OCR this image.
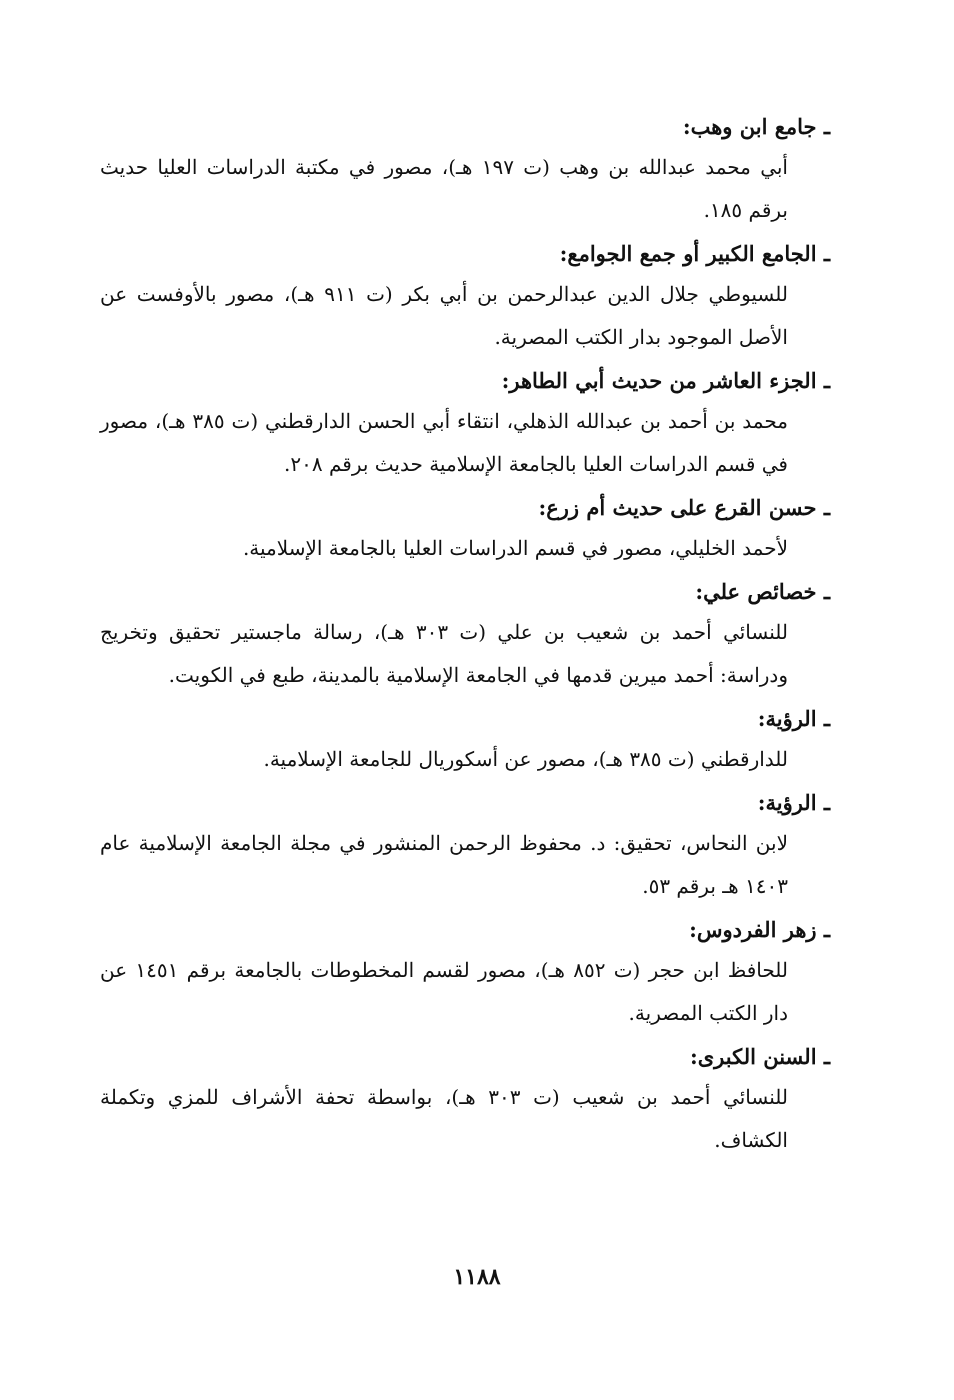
ـ جامع ابن وهب:
أبي محمد عبدالله بن وهب (ت ١٩٧ هـ)، مصور في مكتبة الدراسات العليا حديث برقم ١٨٥.
ـ الجامع الكبير أو جمع الجوامع:
للسيوطي جلال الدين عبدالرحمن بن أبي بكر (ت ٩١١ هـ)، مصور بالأوفست عن الأصل الموجود بدار الكتب المصرية.
ـ الجزء العاشر من حديث أبي الطاهر:
محمد بن أحمد بن عبدالله الذهلي، انتقاء أبي الحسن الدارقطني (ت ٣٨٥ هـ)، مصور في قسم الدراسات العليا بالجامعة الإسلامية حديث برقم ٢٠٨.
ـ حسن القرع على حديث أم زرع:
لأحمد الخليلي، مصور في قسم الدراسات العليا بالجامعة الإسلامية.
ـ خصائص علي:
للنسائي أحمد بن شعيب بن علي (ت ٣٠٣ هـ)، رسالة ماجستير تحقيق وتخريج ودراسة: أحمد ميرين قدمها في الجامعة الإسلامية بالمدينة، طبع في الكويت.
ـ الرؤية:
للدارقطني (ت ٣٨٥ هـ)، مصور عن أسكوريال للجامعة الإسلامية.
ـ الرؤية:
لابن النحاس، تحقيق: د. محفوظ الرحمن المنشور في مجلة الجامعة الإسلامية عام ١٤٠٣ هـ برقم ٥٣.
ـ زهر الفردوس:
للحافظ ابن حجر (ت ٨٥٢ هـ)، مصور لقسم المخطوطات بالجامعة برقم ١٤٥١ عن دار الكتب المصرية.
ـ السنن الكبرى:
للنسائي أحمد بن شعيب (ت ٣٠٣ هـ)، بواسطة تحفة الأشراف للمزي وتكملة الكشاف.
١١٨٨
